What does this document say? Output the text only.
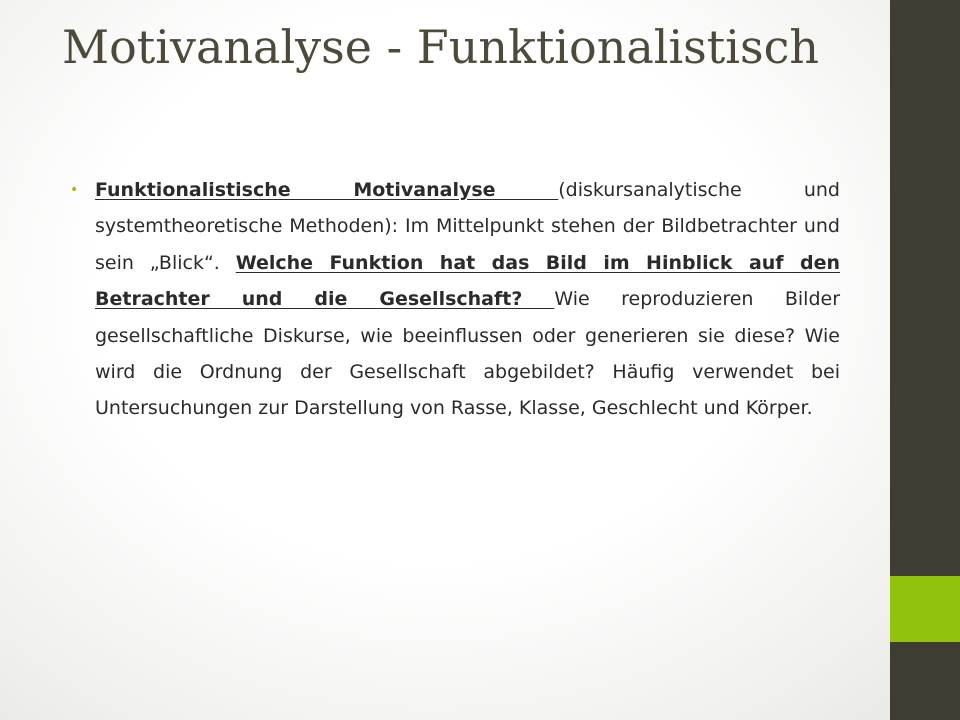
Motivanalyse - Funktionalistisch
• Funktionalistische Motivanalyse (diskursanalytische und systemtheoretische Methoden): Im Mittelpunkt stehen der Bildbetrachter und sein „Blick“. Welche Funktion hat das Bild im Hinblick auf den Betrachter und die Gesellschaft? Wie reproduzieren Bilder gesellschaftliche Diskurse, wie beeinflussen oder generieren sie diese? Wie wird die Ordnung der Gesellschaft abgebildet? Häufig verwendet bei Untersuchungen zur Darstellung von Rasse, Klasse, Geschlecht und Körper.
